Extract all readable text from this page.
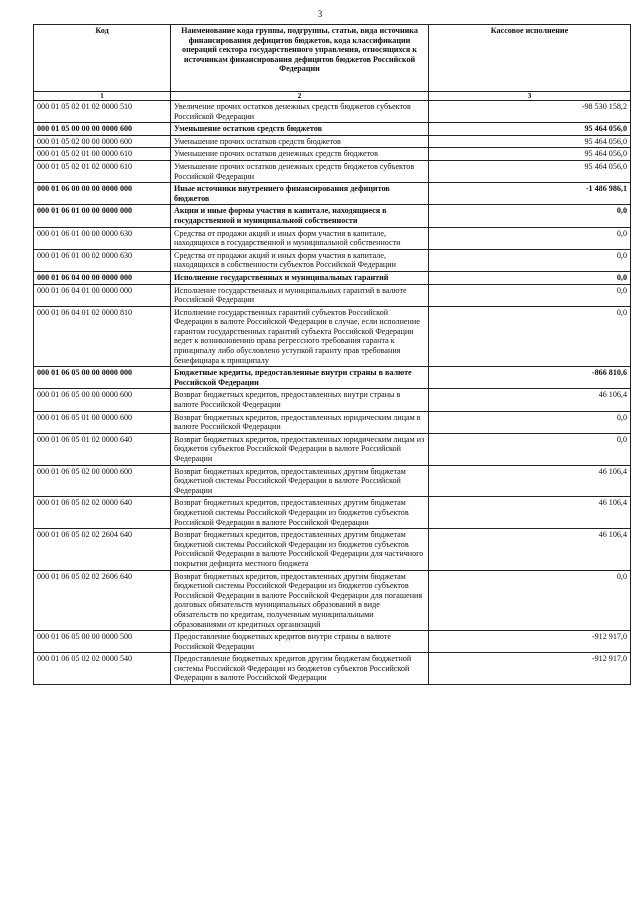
3
Код	Наименование кода группы, подгруппы, статьи, вида источника финансирования дефицитов бюджетов, кода классификации операций сектора государственного управления, относящихся к источникам финансирования дефицитов бюджетов Российской Федерации	Кассовое исполнение
1	2	3
000 01 05 02 01 02 0000 510	Увеличение прочих остатков денежных средств бюджетов субъектов Российской Федерации	-98 530 158,2
000 01 05 00 00 00 0000 600	Уменьшение остатков средств бюджетов	95 464 056,0
000 01 05 02 00 00 0000 600	Уменьшение прочих остатков средств бюджетов	95 464 056,0
000 01 05 02 01 00 0000 610	Уменьшение прочих остатков денежных средств бюджетов	95 464 056,0
000 01 05 02 01 02 0000 610	Уменьшение прочих остатков денежных средств бюджетов субъектов Российской Федерации	95 464 056,0
000 01 06 00 00 00 0000 000	Иные источники внутреннего финансирования дефицитов бюджетов	-1 486 986,1
000 01 06 01 00 00 0000 000	Акции и иные формы участия в капитале, находящиеся в государственной и муниципальной собственности	0,0
000 01 06 01 00 00 0000 630	Средства от продажи акций и иных форм участия в капитале, находящихся в государственной и муниципальной собственности	0,0
000 01 06 01 00 02 0000 630	Средства от продажи акций и иных форм участия в капитале, находящихся в собственности субъектов Российской Федерации	0,0
000 01 06 04 00 00 0000 000	Исполнение государственных и муниципальных гарантий	0,0
000 01 06 04 01 00 0000 000	Исполнение государственных и муниципальных гарантий в валюте Российской Федерации	0,0
000 01 06 04 01 02 0000 810	Исполнение государственных гарантий субъектов Российской Федерации в валюте Российской Федерации в случае, если исполнение гарантом государственных гарантий субъекта Российской Федерации ведет к возникновению права регрессного требования гаранта к принципалу либо обусловлено уступкой гаранту прав требования бенефициара к принципалу	0,0
000 01 06 05 00 00 0000 000	Бюджетные кредиты, предоставленные внутри страны в валюте Российской Федерации	-866 810,6
000 01 06 05 00 00 0000 600	Возврат бюджетных кредитов, предоставленных внутри страны в валюте Российской Федерации	46 106,4
000 01 06 05 01 00 0000 600	Возврат бюджетных кредитов, предоставленных юридическим лицам в валюте Российской Федерации	0,0
000 01 06 05 01 02 0000 640	Возврат бюджетных кредитов, предоставленных юридическим лицам из бюджетов субъектов Российской Федерации в валюте Российской Федерации	0,0
000 01 06 05 02 00 0000 600	Возврат бюджетных кредитов, предоставленных другим бюджетам бюджетной системы Российской Федерации в валюте Российской Федерации	46 106,4
000 01 06 05 02 02 0000 640	Возврат бюджетных кредитов, предоставленных другим бюджетам бюджетной системы Российской Федерации из бюджетов субъектов Российской Федерации в валюте Российской Федерации	46 106,4
000 01 06 05 02 02 2604 640	Возврат бюджетных кредитов, предоставленных другим бюджетам бюджетной системы Российской Федерации из бюджетов субъектов Российской Федерации в валюте Российской Федерации для частичного покрытия дефицита местного бюджета	46 106,4
000 01 06 05 02 02 2606 640	Возврат бюджетных кредитов, предоставленных другим бюджетам бюджетной системы Российской Федерации из бюджетов субъектов Российской Федерации в валюте Российской Федерации для погашения долговых обязательств муниципальных образований в виде обязательств по кредитам, полученным муниципальными образованиями от кредитных организаций	0,0
000 01 06 05 00 00 0000 500	Предоставление бюджетных кредитов внутри страны в валюте Российской Федерации	-912 917,0
000 01 06 05 02 02 0000 540	Предоставление бюджетных кредитов другим бюджетам бюджетной системы Российской Федерации из бюджетов субъектов Российской Федерации в валюте Российской Федерации	-912 917,0
